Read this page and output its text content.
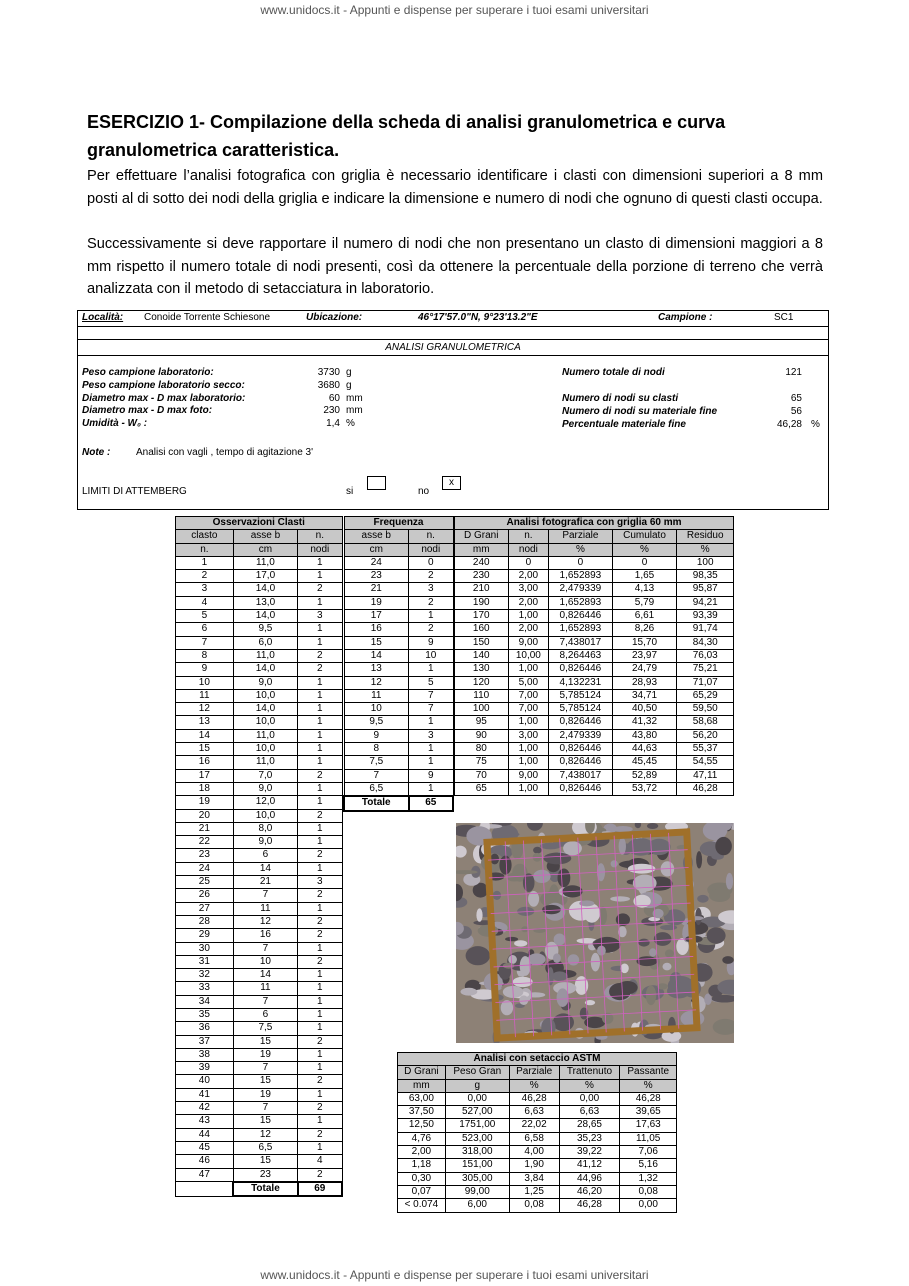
www.unidocs.it - Appunti e dispense per superare i tuoi esami universitari
ESERCIZIO 1- Compilazione della scheda di analisi granulometrica e curva granulometrica caratteristica.
Per effettuare l’analisi fotografica con griglia è necessario identificare i clasti con dimensioni superiori a 8 mm posti al di sotto dei nodi della griglia e indicare la dimensione e numero di nodi che ognuno di questi clasti occupa.
Successivamente si deve rapportare il numero di nodi che non presentano un clasto di dimensioni maggiori a 8 mm rispetto il numero totale di nodi presenti, così da ottenere la percentuale della porzione di terreno che verrà analizzata con il metodo di setacciatura in laboratorio.
Località: Conoide Torrente Schiesone	Ubicazione:	46°17'57.0"N, 9°23'13.2"E	Campione :	SC1
ANALISI GRANULOMETRICA
Peso campione laboratorio:	3730 g
Peso campione laboratorio secco:	3680 g
Diametro max - D max laboratorio:	60 mm
Diametro max - D max foto:	230 mm
Umidità - W₀ :	1,4 %
Numero totale di nodi	121
Numero di nodi su clasti	65
Numero di nodi su materiale fine	56
Percentuale materiale fine	46,28 %
Note :	Analisi con vagli , tempo di agitazione 3'
LIMITI DI ATTEMBERG	si	no
x
Osservazioni Clasti		
clasto	asse b	n.
n.	cm	nodi
1	11,0	1
2	17,0	1
3	14,0	2
4	13,0	1
5	14,0	3
6	9,5	1
7	6,0	1
8	11,0	2
9	14,0	2
10	9,0	1
11	10,0	1
12	14,0	1
13	10,0	1
14	11,0	1
15	10,0	1
16	11,0	1
17	7,0	2
18	9,0	1
19	12,0	1
20	10,0	2
21	8,0	1
22	9,0	1
23	6	2
24	14	1
25	21	3
26	7	2
27	11	1
28	12	2
29	16	2
30	7	1
31	10	2
32	14	1
33	11	1
34	7	1
35	6	1
36	7,5	1
37	15	2
38	19	1
39	7	1
40	15	2
41	19	1
42	7	2
43	15	1
44	12	2
45	6,5	1
46	15	4
47	23	2
	Totale	69
Frequenza	
asse b	n.
cm	nodi
24	0
23	2
21	3
19	2
17	1
16	2
15	9
14	10
13	1
12	5
11	7
10	7
9,5	1
9	3
8	1
7,5	1
7	9
6,5	1
Totale	65
Analisi fotografica con griglia 60 mm				
D Grani	n.	Parziale	Cumulato	Residuo
mm	nodi	%	%	%
240	0	0	0	100
230	2,00	1,652893	1,65	98,35
210	3,00	2,479339	4,13	95,87
190	2,00	1,652893	5,79	94,21
170	1,00	0,826446	6,61	93,39
160	2,00	1,652893	8,26	91,74
150	9,00	7,438017	15,70	84,30
140	10,00	8,264463	23,97	76,03
130	1,00	0,826446	24,79	75,21
120	5,00	4,132231	28,93	71,07
110	7,00	5,785124	34,71	65,29
100	7,00	5,785124	40,50	59,50
95	1,00	0,826446	41,32	58,68
90	3,00	2,479339	43,80	56,20
80	1,00	0,826446	44,63	55,37
75	1,00	0,826446	45,45	54,55
70	9,00	7,438017	52,89	47,11
65	1,00	0,826446	53,72	46,28
Analisi con setaccio ASTM				
D Grani	Peso Gran	Parziale	Trattenuto	Passante
mm	g	%	%	%
63,00	0,00	46,28	0,00	46,28
37,50	527,00	6,63	6,63	39,65
12,50	1751,00	22,02	28,65	17,63
4,76	523,00	6,58	35,23	11,05
2,00	318,00	4,00	39,22	7,06
1,18	151,00	1,90	41,12	5,16
0,30	305,00	3,84	44,96	1,32
0,07	99,00	1,25	46,20	0,08
< 0.074	6,00	0,08	46,28	0,00
www.unidocs.it - Appunti e dispense per superare i tuoi esami universitari
